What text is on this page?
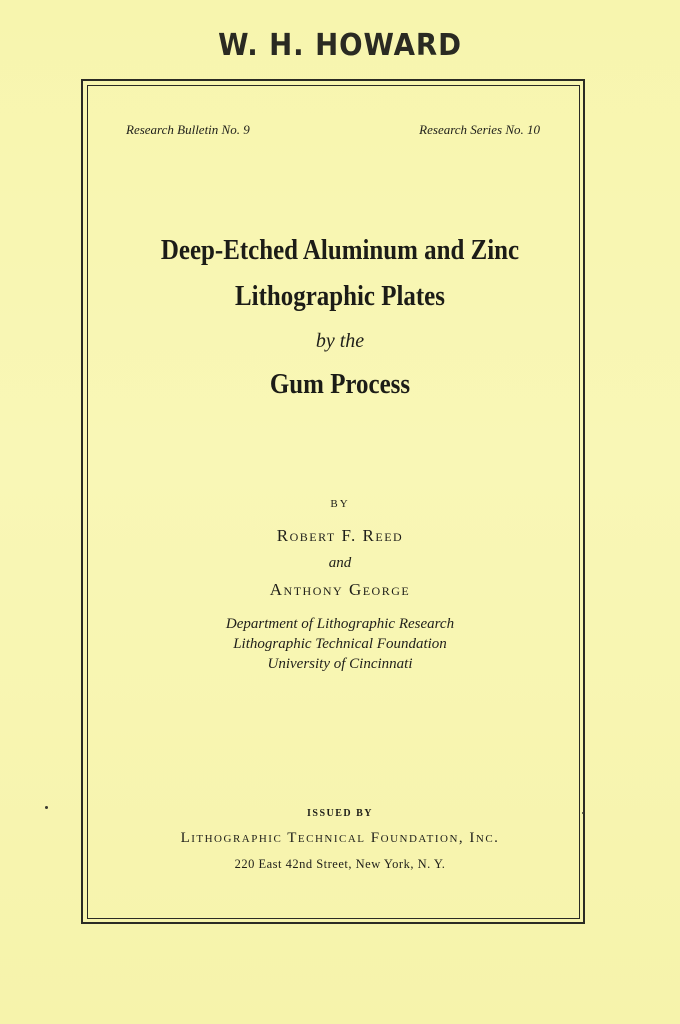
W. H. HOWARD
Research Bulletin No. 9	Research Series No. 10
Deep-Etched Aluminum and Zinc
Lithographic Plates
by the
Gum Process
BY
Robert F. Reed
and
Anthony George
Department of Lithographic Research
Lithographic Technical Foundation
University of Cincinnati
ISSUED BY
Lithographic Technical Foundation, Inc.
220 East 42nd Street, New York, N. Y.
